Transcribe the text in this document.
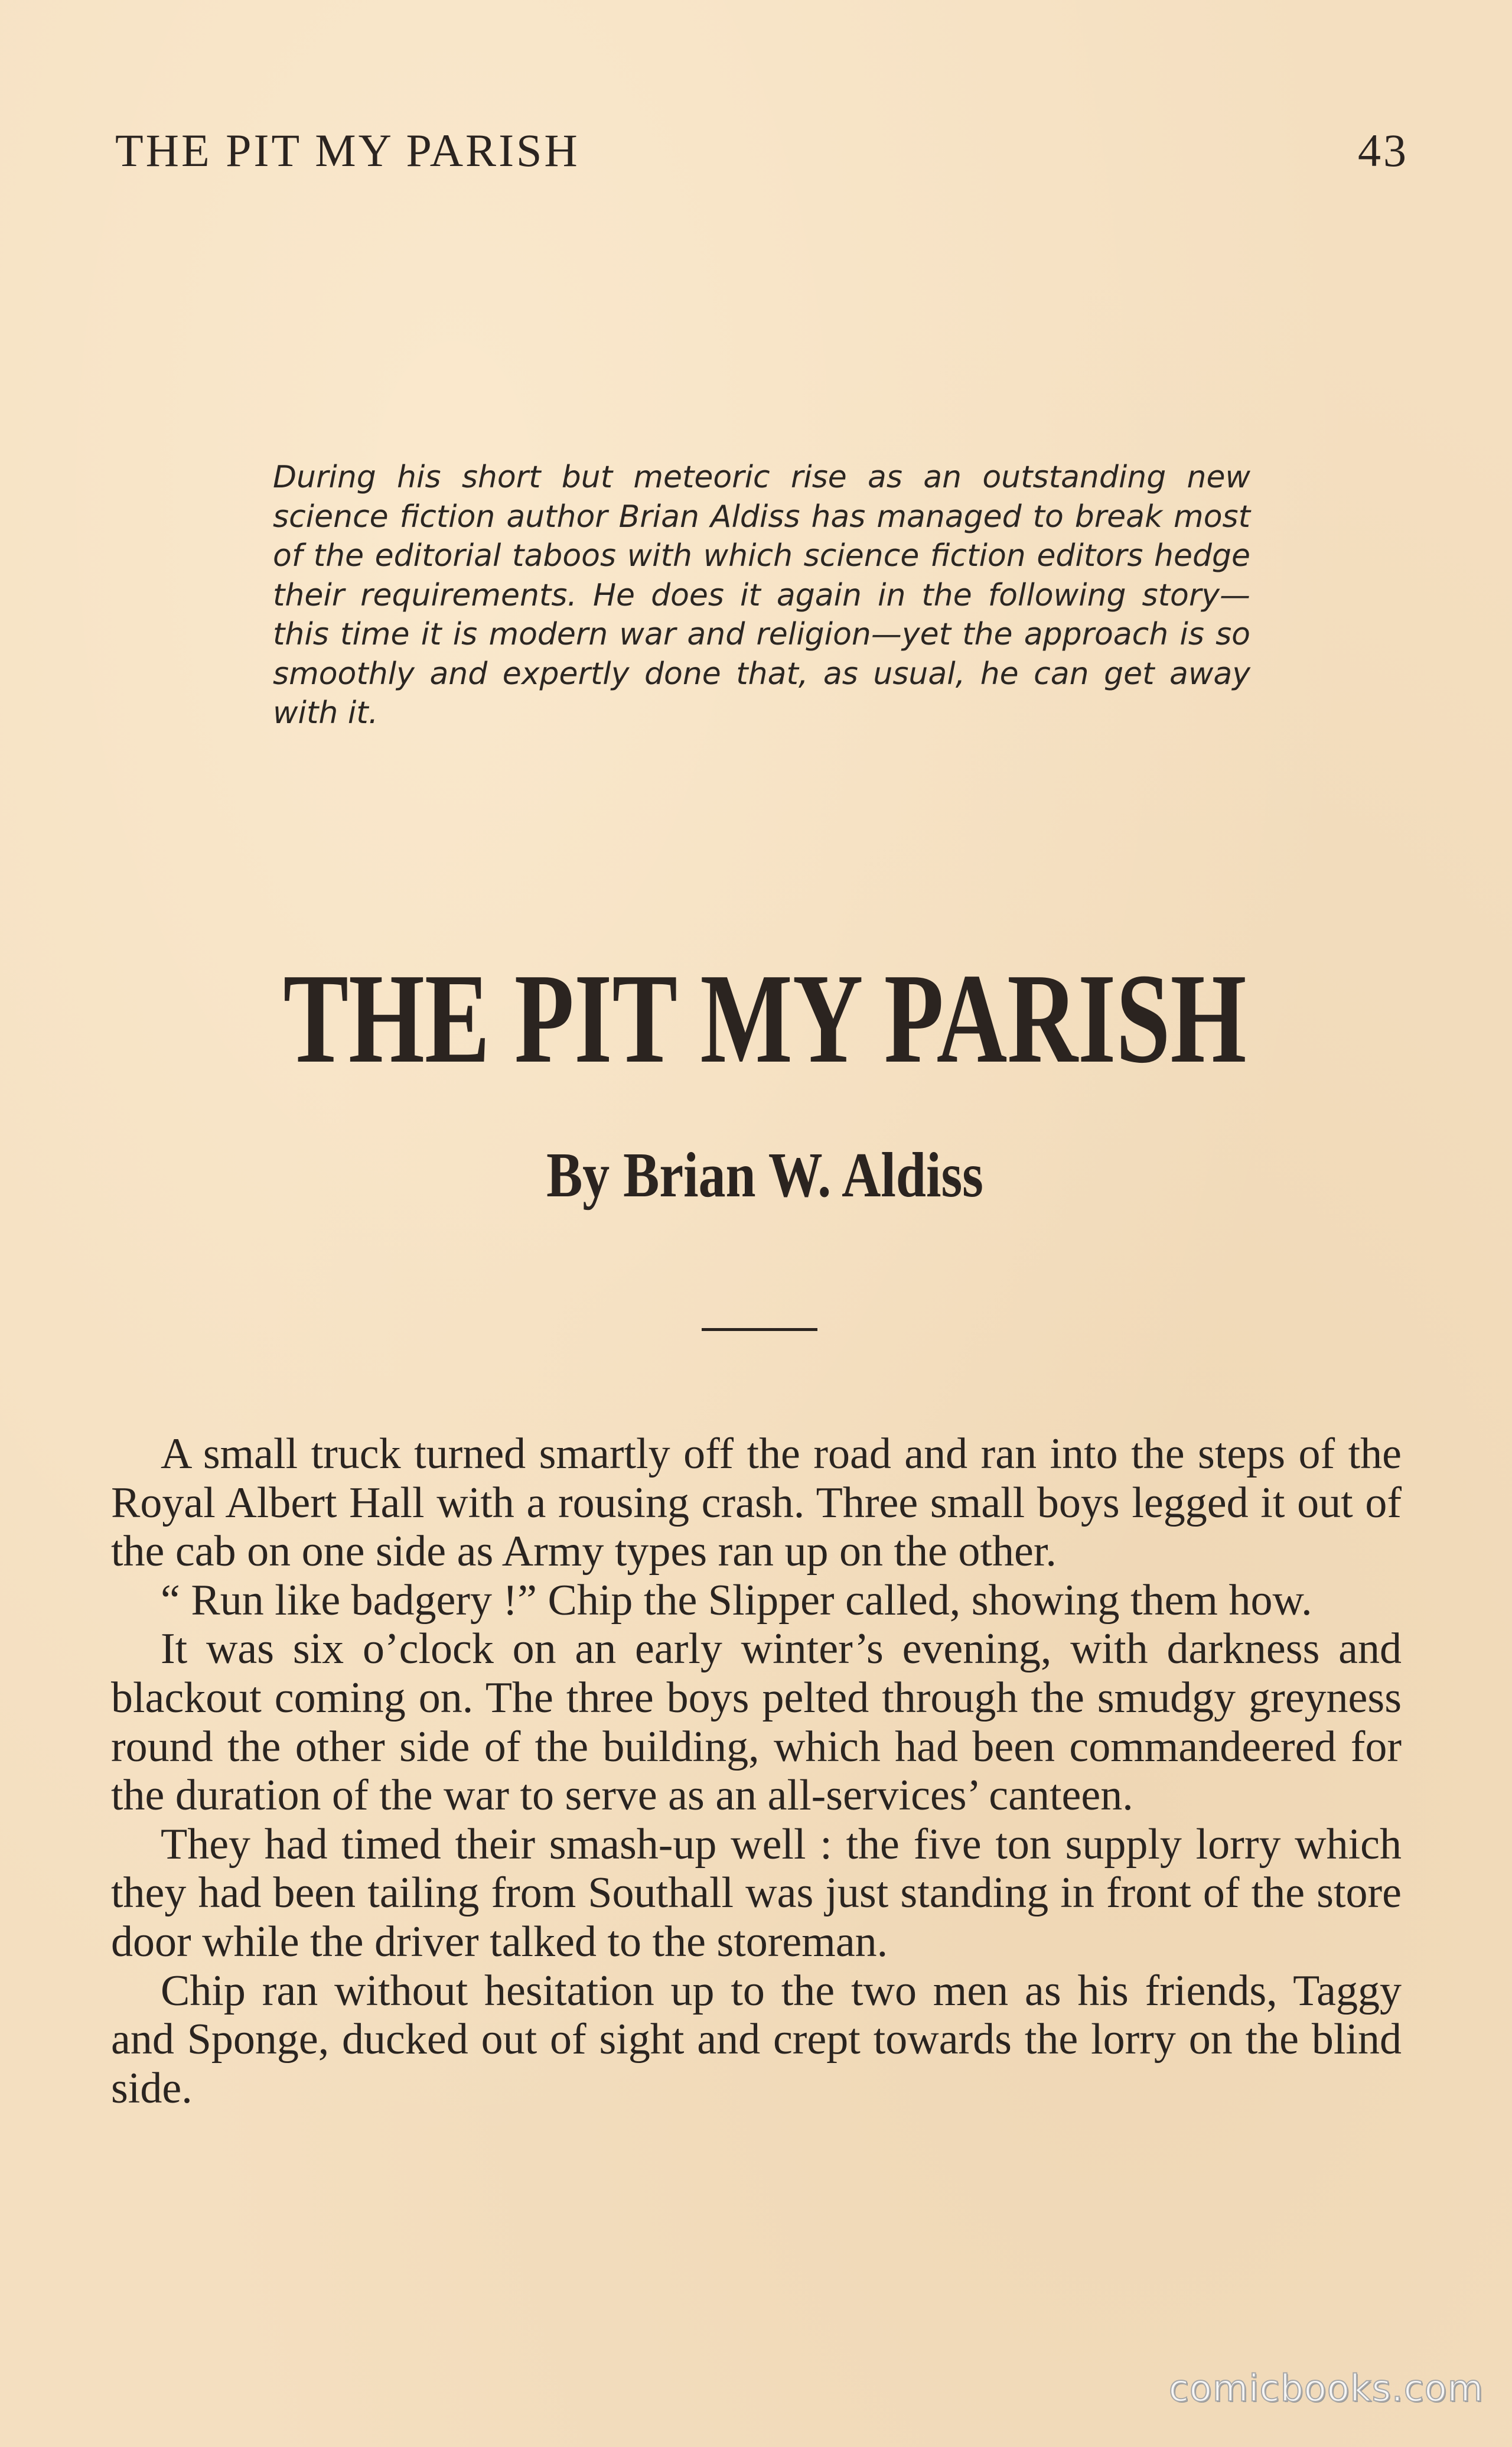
THE PIT MY PARISH	43
During his short but meteoric rise as an outstanding new science fiction author Brian Aldiss has managed to break most of the editorial taboos with which science fiction editors hedge their requirements. He does it again in the following story—this time it is modern war and religion—yet the approach is so smoothly and expertly done that, as usual, he can get away with it.
THE PIT MY PARISH
By Brian W. Aldiss

A small truck turned smartly off the road and ran into the steps of the Royal Albert Hall with a rousing crash. Three small boys legged it out of the cab on one side as Army types ran up on the other.

“ Run like badgery !” Chip the Slipper called, showing them how.

It was six o’clock on an early winter’s evening, with darkness and blackout coming on. The three boys pelted through the smudgy greyness round the other side of the building, which had been commandeered for the duration of the war to serve as an all-services’ canteen.

They had timed their smash-up well : the five ton supply lorry which they had been tailing from Southall was just standing in front of the store door while the driver talked to the storeman.

Chip ran without hesitation up to the two men as his friends, Taggy and Sponge, ducked out of sight and crept towards the lorry on the blind side.

comicbooks.com
